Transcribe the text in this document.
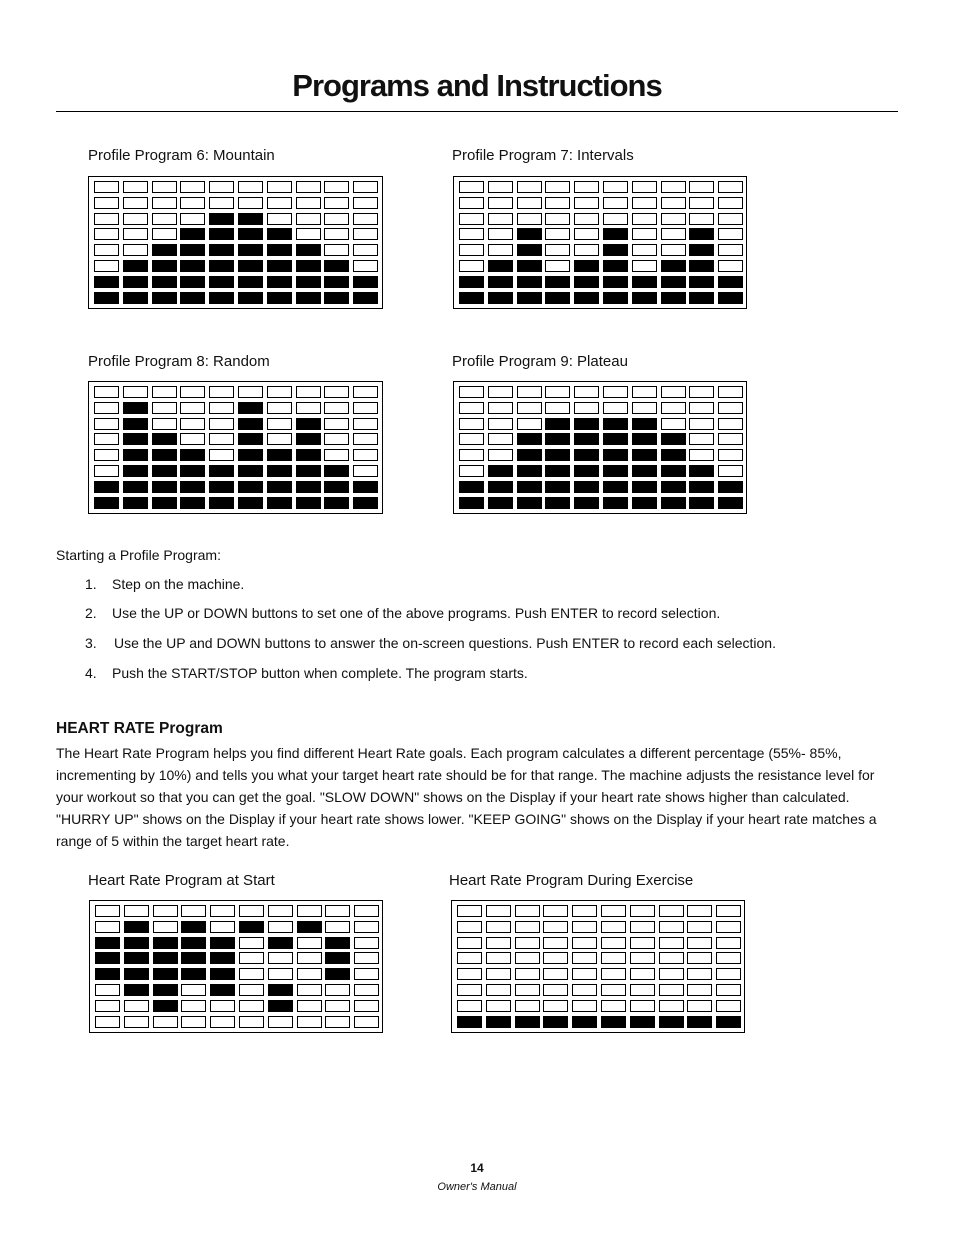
Programs and Instructions
Profile Program 6: Mountain	Profile Program 7: Intervals
Profile Program 8: Random	Profile Program 9: Plateau
Starting a Profile Program:
1. Step on the machine.
2. Use the UP or DOWN buttons to set one of the above programs. Push ENTER to record selection.
3. Use the UP and DOWN buttons to answer the on-screen questions. Push ENTER to record each selection.
4. Push the START/STOP button when complete. The program starts.
HEART RATE Program
The Heart Rate Program helps you find different Heart Rate goals. Each program calculates a different percentage (55%- 85%, incrementing by 10%) and tells you what your target heart rate should be for that range. The machine adjusts the resistance level for your workout so that you can get the goal. "SLOW DOWN" shows on the Display if your heart rate shows higher than calculated. "HURRY UP" shows on the Display if your heart rate shows lower. "KEEP GOING" shows on the Display if your heart rate matches a range of 5 within the target heart rate.
Heart Rate Program at Start	Heart Rate Program During Exercise
14
Owner's Manual
